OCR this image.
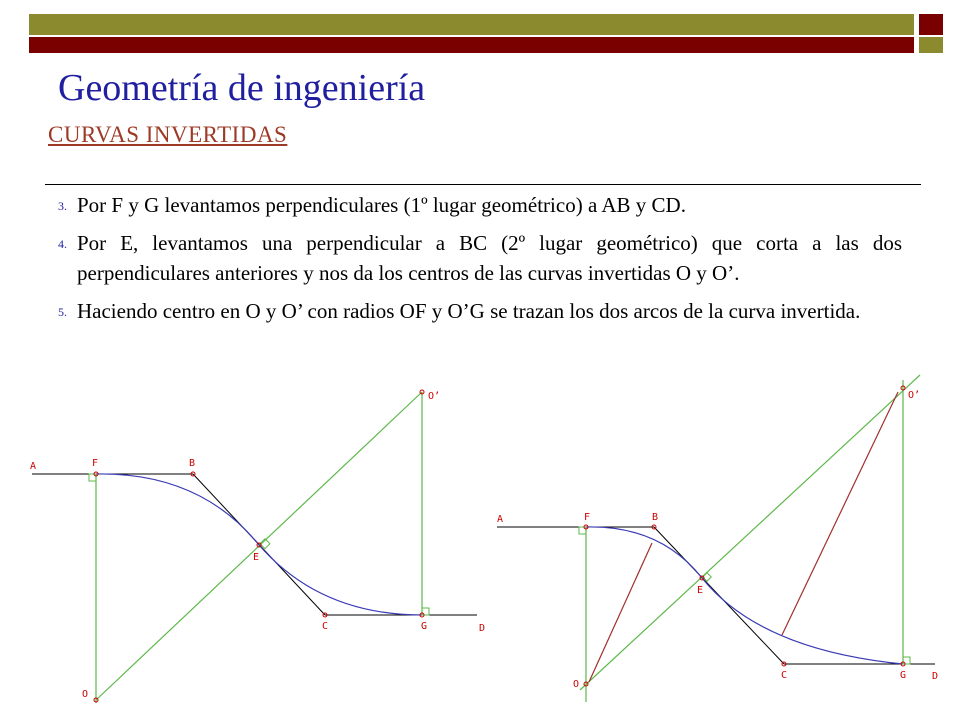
Geometría de ingeniería
CURVAS INVERTIDAS
3. Por F y G levantamos perpendiculares (1º lugar geométrico) a AB y CD.
4. Por E, levantamos una perpendicular a BC (2º lugar geométrico) que corta a las dos perpendiculares anteriores y nos da los centros de las curvas invertidas O y O’.
5. Haciendo centro en O y O’ con radios OF y O’G se trazan los dos arcos de la curva invertida.
A	F	B
E
C	G	D
O
O’
A	F	B
E
C	G	D
O
O’
